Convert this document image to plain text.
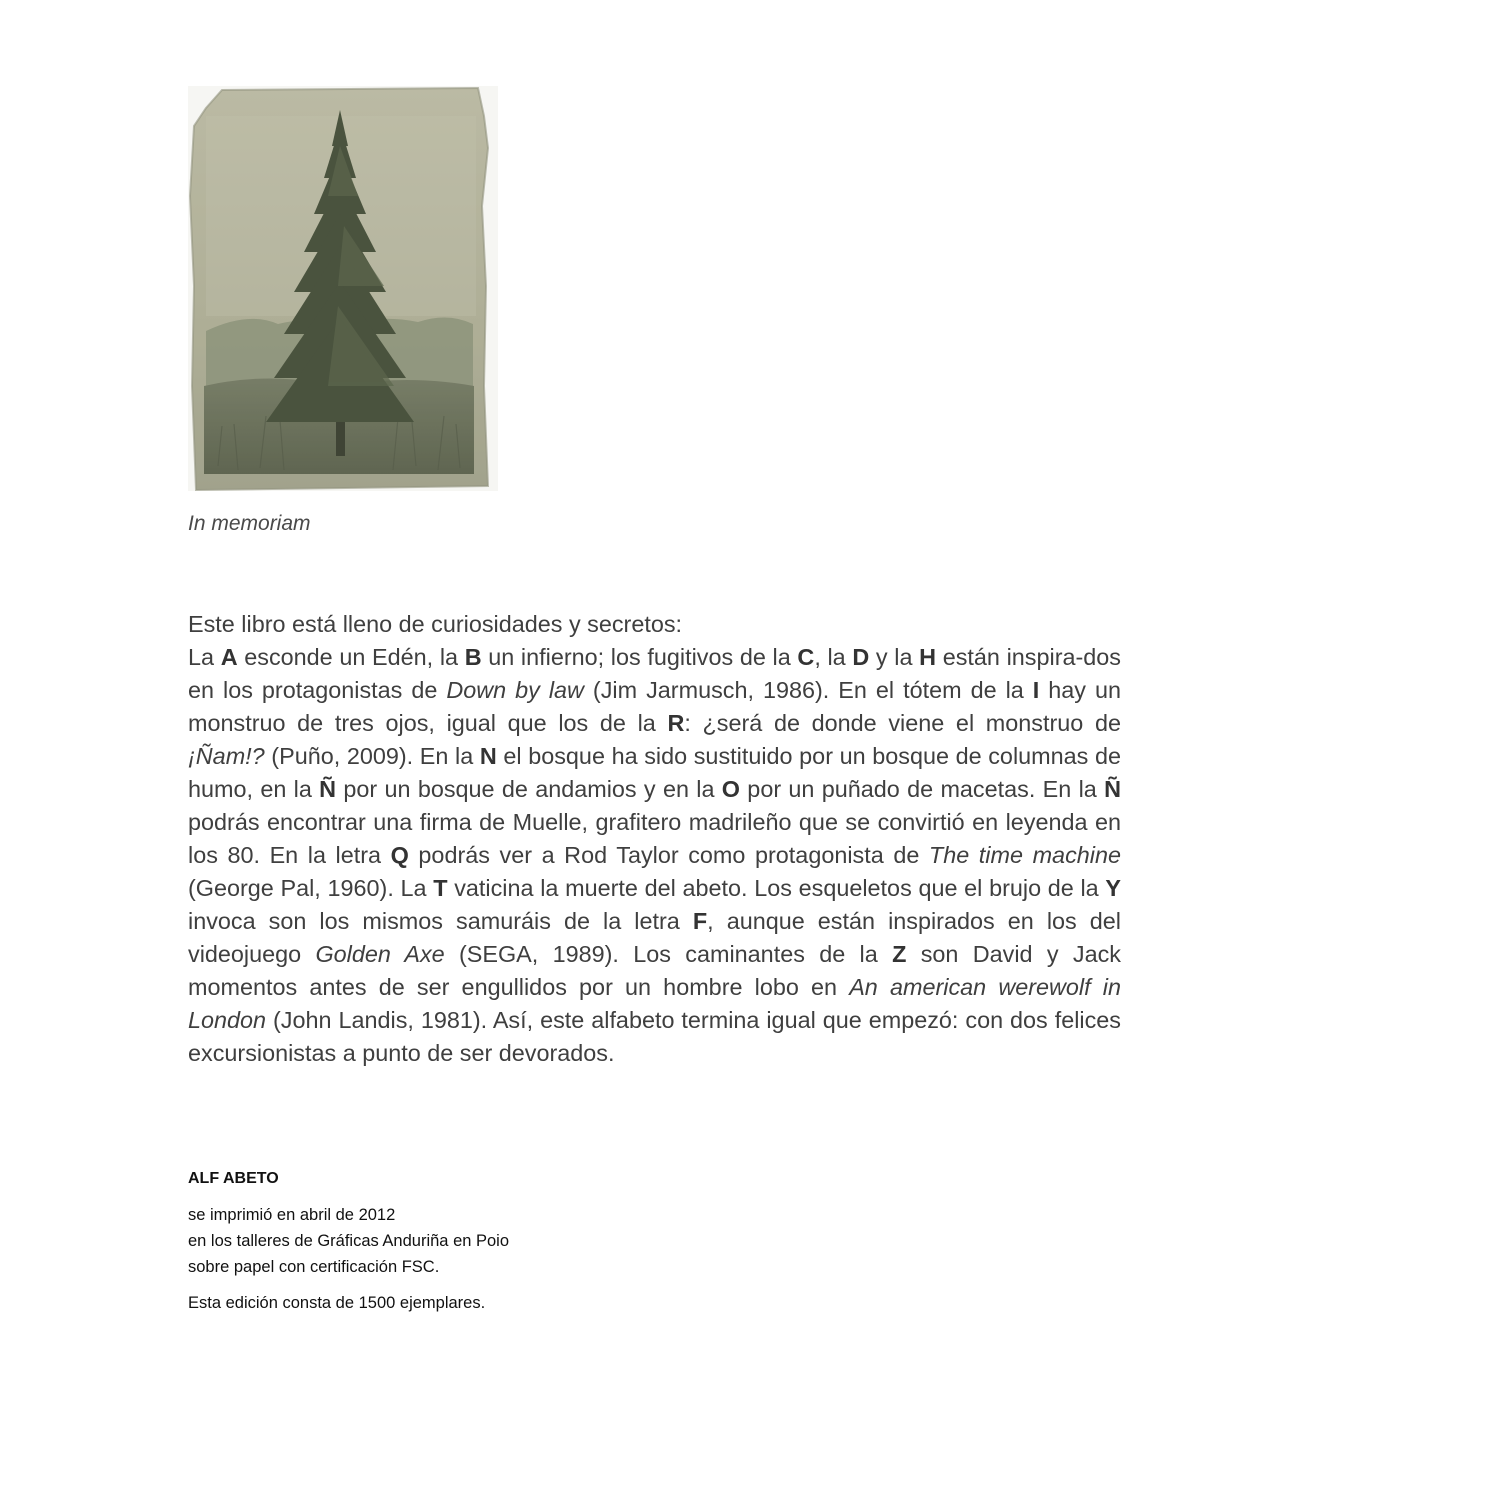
In memoriam

Este libro está lleno de curiosidades y secretos:

La A esconde un Edén, la B un infierno; los fugitivos de la C, la D y la H están inspira-dos en los protagonistas de Down by law (Jim Jarmusch, 1986). En el tótem de la I hay un monstruo de tres ojos, igual que los de la R: ¿será de donde viene el monstruo de ¡Ñam!? (Puño, 2009). En la N el bosque ha sido sustituido por un bosque de columnas de humo, en la Ñ por un bosque de andamios y en la O por un puñado de macetas. En la Ñ podrás encontrar una firma de Muelle, grafitero madrileño que se convirtió en leyenda en los 80. En la letra Q podrás ver a Rod Taylor como protagonista de The time machine (George Pal, 1960). La T vaticina la muerte del abeto. Los esqueletos que el brujo de la Y invoca son los mismos samuráis de la letra F, aunque están inspirados en los del videojuego Golden Axe (SEGA, 1989). Los caminantes de la Z son David y Jack momentos antes de ser engullidos por un hombre lobo en An american werewolf in London (John Landis, 1981). Así, este alfabeto termina igual que empezó: con dos felices excursionistas a punto de ser devorados.

ALF ABETO
se imprimió en abril de 2012
en los talleres de Gráficas Anduriña en Poio
sobre papel con certificación FSC.
Esta edición consta de 1500 ejemplares.
